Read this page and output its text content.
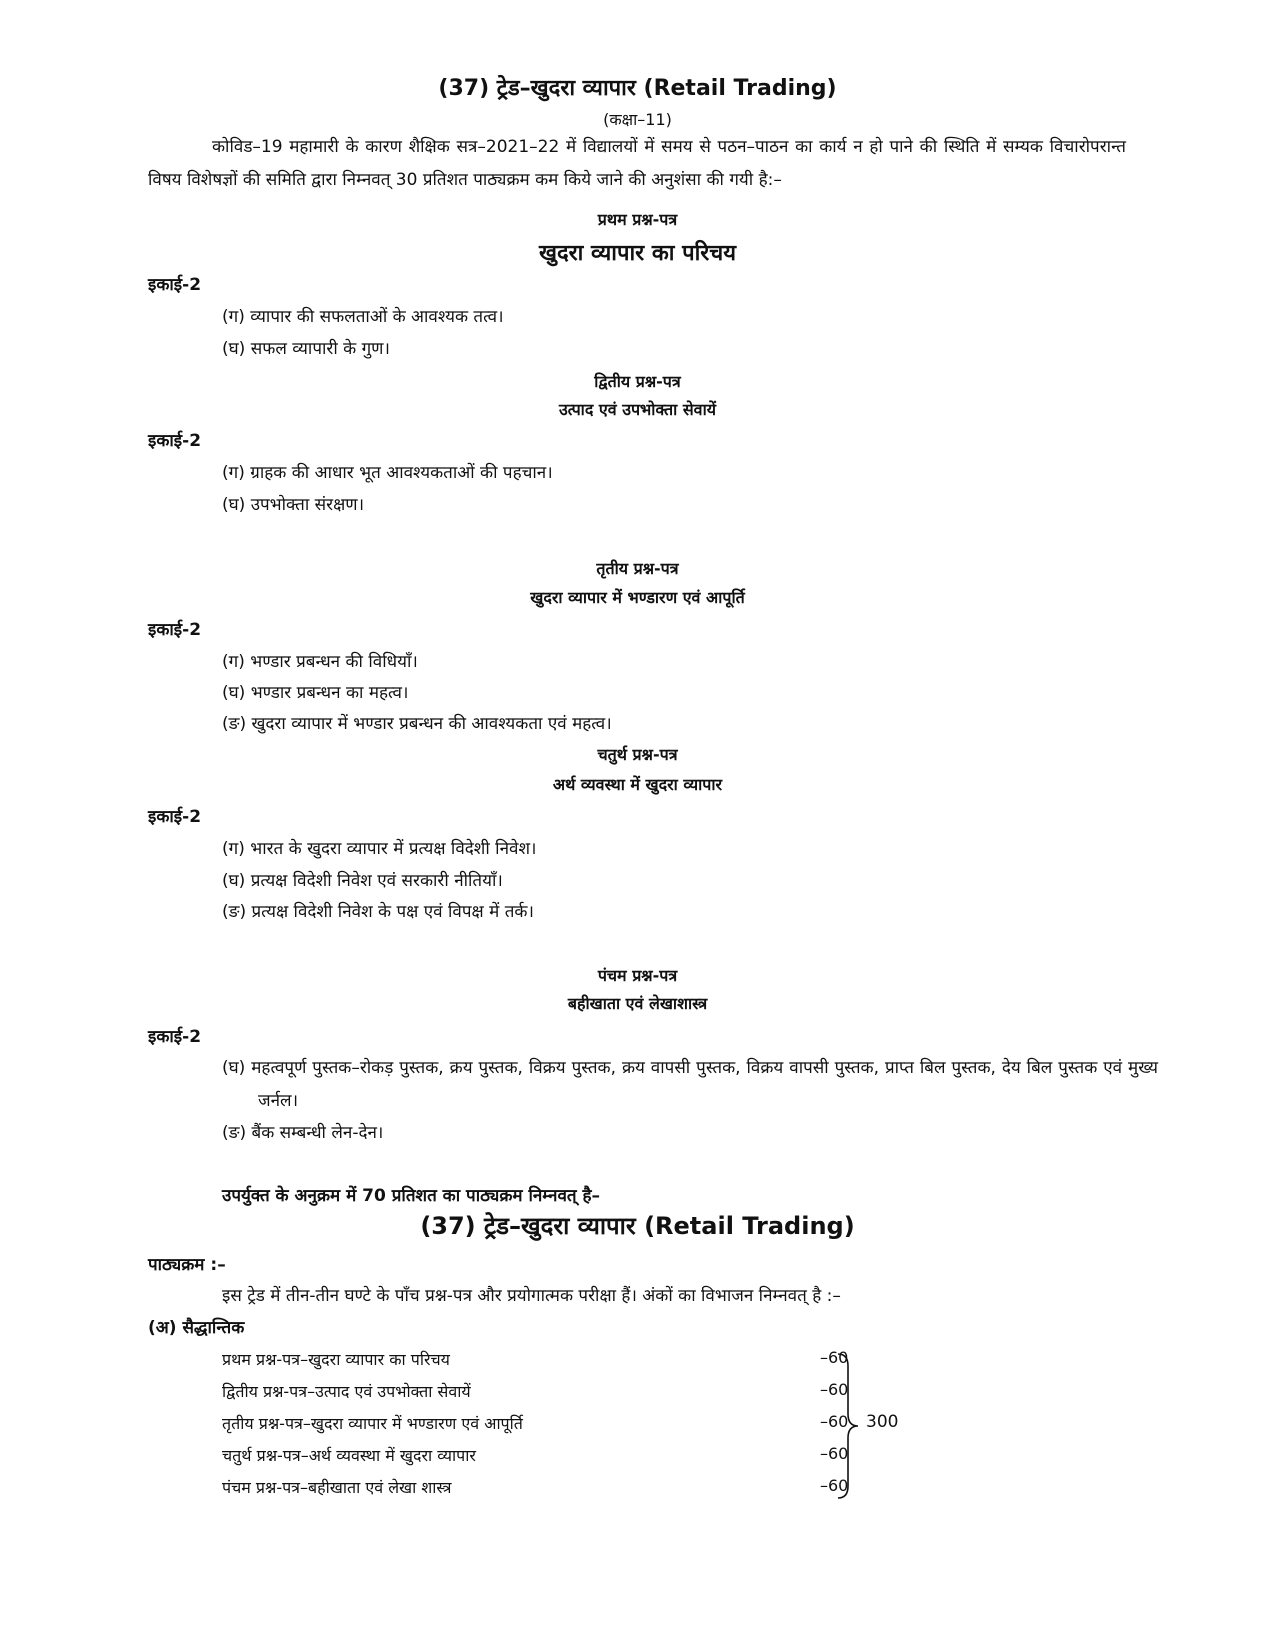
(37) ट्रेड–खुदरा व्यापार (Retail Trading)
(कक्षा–11)
कोविड–19 महामारी के कारण शैक्षिक सत्र–2021–22 में विद्यालयों में समय से पठन–पाठन का कार्य न हो पाने की स्थिति में सम्यक विचारोपरान्त विषय विशेषज्ञों की समिति द्वारा निम्नवत् 30 प्रतिशत पाठ्यक्रम कम किये जाने की अनुशंसा की गयी है:–
प्रथम प्रश्न-पत्र
खुदरा व्यापार का परिचय
इकाई-2
(ग) व्यापार की सफलताओं के आवश्यक तत्व।
(घ) सफल व्यापारी के गुण।
द्वितीय प्रश्न-पत्र
उत्पाद एवं उपभोक्ता सेवायें
इकाई-2
(ग) ग्राहक की आधार भूत आवश्यकताओं की पहचान।
(घ) उपभोक्ता संरक्षण।
तृतीय प्रश्न-पत्र
खुदरा व्यापार में भण्डारण एवं आपूर्ति
इकाई-2
(ग) भण्डार प्रबन्धन की विधियाँ।
(घ) भण्डार प्रबन्धन का महत्व।
(ङ) खुदरा व्यापार में भण्डार प्रबन्धन की आवश्यकता एवं महत्व।
चतुर्थ प्रश्न-पत्र
अर्थ व्यवस्था में खुदरा व्यापार
इकाई-2
(ग) भारत के खुदरा व्यापार में प्रत्यक्ष विदेशी निवेश।
(घ) प्रत्यक्ष विदेशी निवेश एवं सरकारी नीतियाँ।
(ङ) प्रत्यक्ष विदेशी निवेश के पक्ष एवं विपक्ष में तर्क।
पंचम प्रश्न-पत्र
बहीखाता एवं लेखाशास्त्र
इकाई-2
(घ) महत्वपूर्ण पुस्तक–रोकड़ पुस्तक, क्रय पुस्तक, विक्रय पुस्तक, क्रय वापसी पुस्तक, विक्रय वापसी पुस्तक, प्राप्त बिल पुस्तक, देय बिल पुस्तक एवं मुख्य जर्नल।
(ङ) बैंक सम्बन्धी लेन-देन।
उपर्युक्त के अनुक्रम में 70 प्रतिशत का पाठ्यक्रम निम्नवत् है–
(37) ट्रेड–खुदरा व्यापार (Retail Trading)
पाठ्यक्रम :–
इस ट्रेड में तीन-तीन घण्टे के पाँच प्रश्न-पत्र और प्रयोगात्मक परीक्षा हैं। अंकों का विभाजन निम्नवत् है :–
(अ) सैद्धान्तिक
प्रथम प्रश्न-पत्र–खुदरा व्यापार का परिचय	–60
द्वितीय प्रश्न-पत्र–उत्पाद एवं उपभोक्ता सेवायें	–60
तृतीय प्रश्न-पत्र–खुदरा व्यापार में भण्डारण एवं आपूर्ति	–60
चतुर्थ प्रश्न-पत्र–अर्थ व्यवस्था में खुदरा व्यापार	–60
पंचम प्रश्न-पत्र–बहीखाता एवं लेखा शास्त्र	–60
300
